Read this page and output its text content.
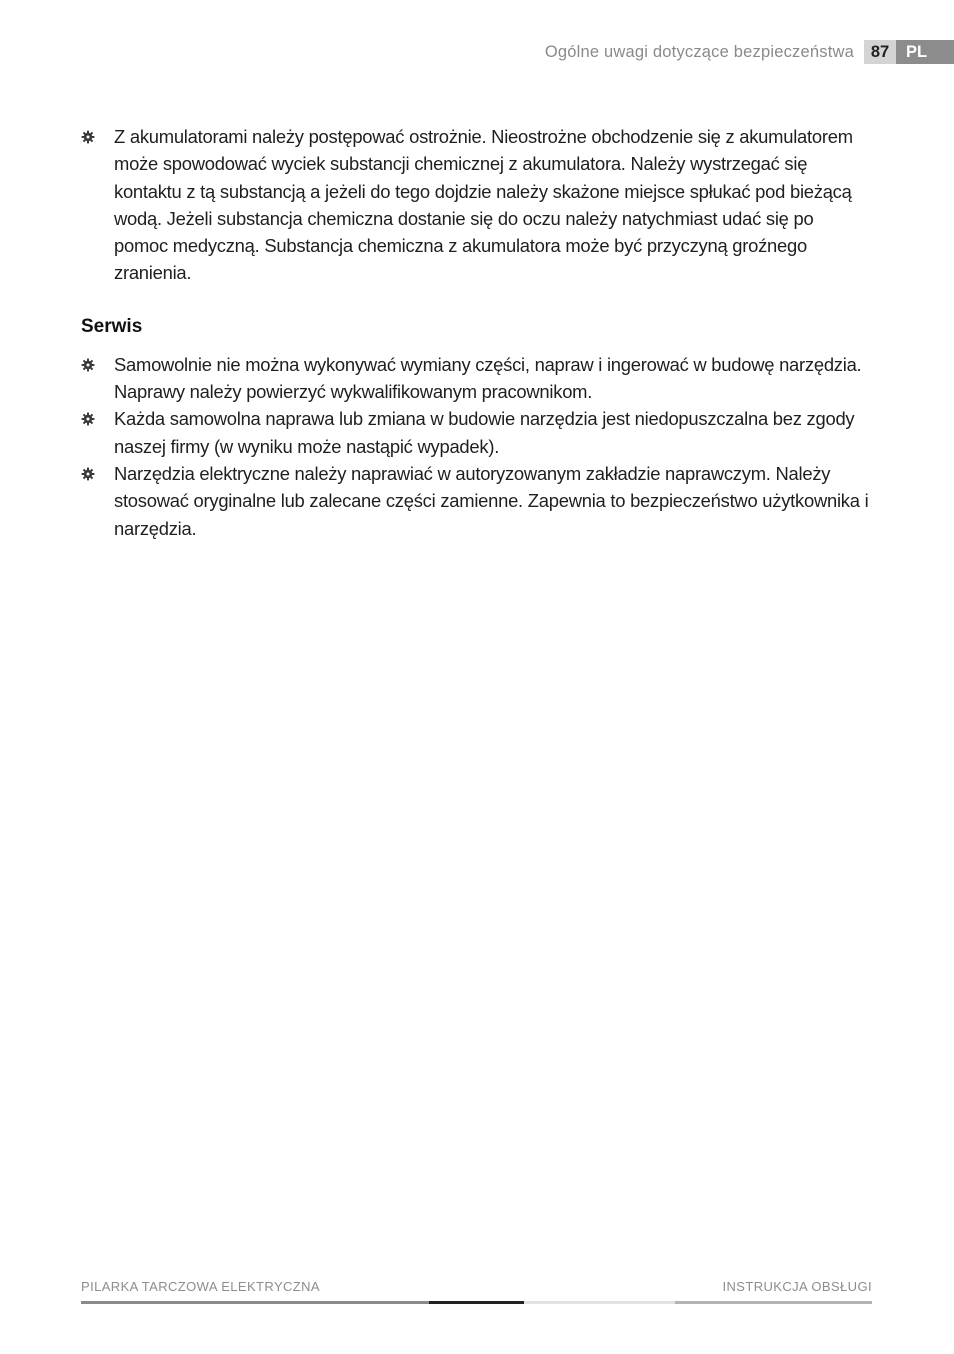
Ogólne uwagi dotyczące bezpieczeństwa	87	PL
Z akumulatorami należy postępować ostrożnie. Nieostrożne obchodzenie się z akumulatorem może spowodować wyciek substancji chemicznej z akumulatora. Należy wystrzegać się kontaktu z tą substancją a jeżeli do tego dojdzie należy skażone miejsce spłukać pod bieżącą wodą. Jeżeli substancja chemiczna dostanie się do oczu należy natychmiast udać się po pomoc medyczną. Substancja chemiczna z akumulatora może być przyczyną groźnego zranienia.
Serwis
Samowolnie nie można wykonywać wymiany części, napraw i ingerować w budowę narzędzia. Naprawy należy powierzyć wykwalifikowanym pracownikom.
Każda samowolna naprawa lub zmiana w budowie narzędzia jest niedopuszczalna bez zgody naszej firmy (w wyniku może nastąpić wypadek).
Narzędzia elektryczne należy naprawiać w autoryzowanym zakładzie naprawczym. Należy stosować oryginalne lub zalecane części zamienne. Zapewnia to bezpieczeństwo użytkownika i narzędzia.
PILARKA TARCZOWA ELEKTRYCZNA	INSTRUKCJA OBSŁUGI
